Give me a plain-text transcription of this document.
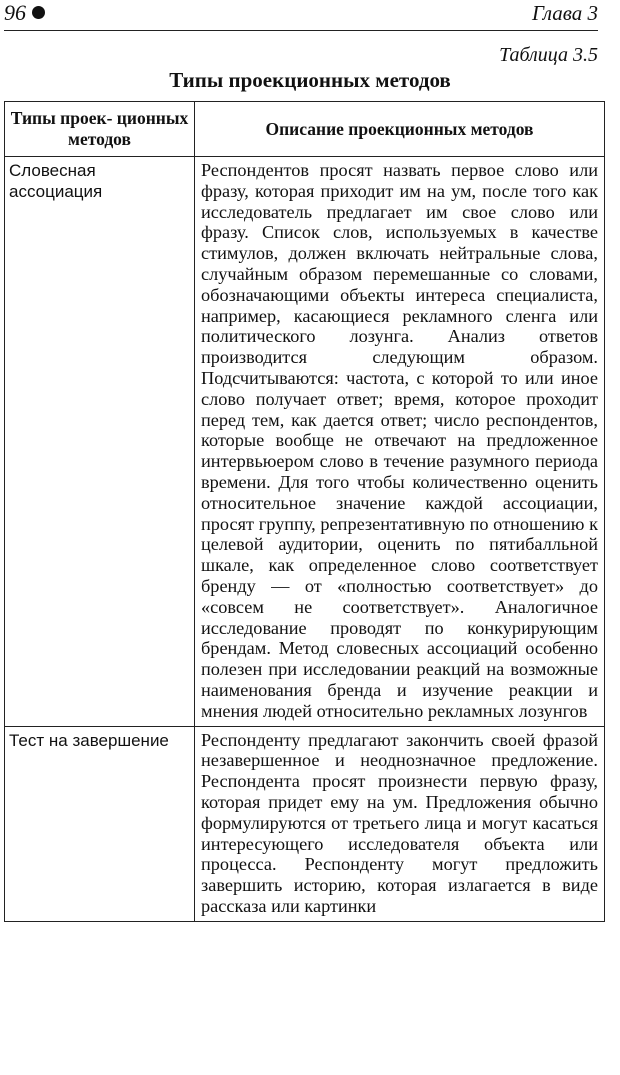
96	Глава 3
Таблица 3.5
Типы проекционных методов
Типы проек- ционных методов	Описание проекционных методов
Словесная ассоциация	Респондентов просят назвать первое слово или фразу, которая приходит им на ум, после того как исследователь предлагает им свое слово или фразу. Список слов, используемых в качестве стимулов, должен включать нейтральные слова, случайным образом перемешанные со словами, обозначающими объекты интереса специалиста, например, касающиеся рекламного сленга или политического лозунга. Анализ ответов производится следующим образом. Подсчитываются: частота, с которой то или иное слово получает ответ; время, которое проходит перед тем, как дается ответ; число респондентов, которые вообще не отвечают на предложенное интервьюером слово в течение разумного периода времени. Для того чтобы количественно оценить относительное значение каждой ассоциации, просят группу, репрезентативную по отношению к целевой аудитории, оценить по пятибалльной шкале, как определенное слово соответствует бренду — от «полностью соответствует» до «совсем не соответствует». Аналогичное исследование проводят по конкурирующим брендам. Метод словесных ассоциаций особенно полезен при исследовании реакций на возможные наименования бренда и изучение реакции и мнения людей относительно рекламных лозунгов
Тест на завершение	Респонденту предлагают закончить своей фразой незавершенное и неоднозначное предложение. Респондента просят произнести первую фразу, которая придет ему на ум. Предложения обычно формулируются от третьего лица и могут касаться интересующего исследователя объекта или процесса. Респонденту могут предложить завершить историю, которая излагается в виде рассказа или картинки
